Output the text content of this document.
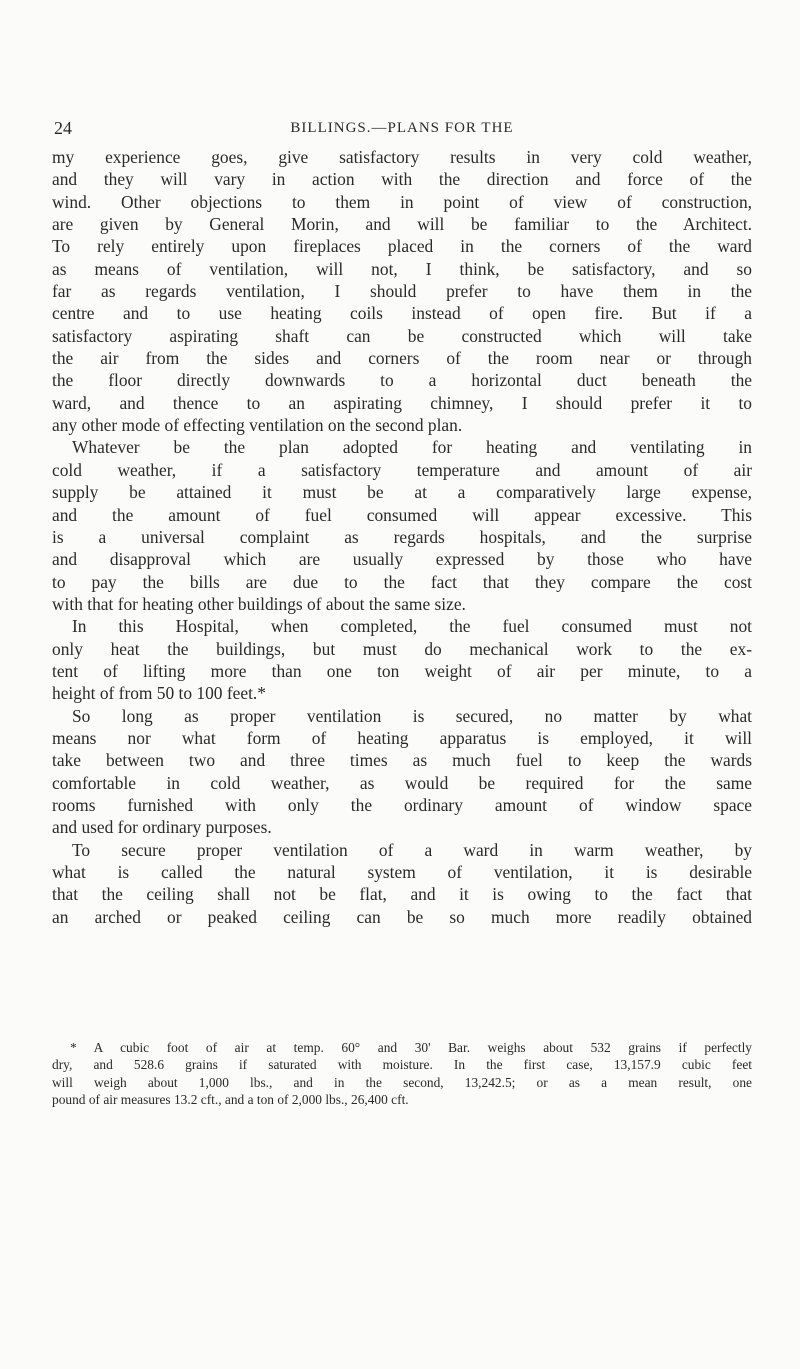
24	BILLINGS.—PLANS FOR THE
my experience goes, give satisfactory results in very cold weather,
and they will vary in action with the direction and force of the
wind. Other objections to them in point of view of construction,
are given by General Morin, and will be familiar to the Architect.
To rely entirely upon fireplaces placed in the corners of the ward
as means of ventilation, will not, I think, be satisfactory, and so
far as regards ventilation, I should prefer to have them in the
centre and to use heating coils instead of open fire. But if a
satisfactory aspirating shaft can be constructed which will take
the air from the sides and corners of the room near or through
the floor directly downwards to a horizontal duct beneath the
ward, and thence to an aspirating chimney, I should prefer it to
any other mode of effecting ventilation on the second plan.
Whatever be the plan adopted for heating and ventilating in
cold weather, if a satisfactory temperature and amount of air
supply be attained it must be at a comparatively large expense,
and the amount of fuel consumed will appear excessive. This
is a universal complaint as regards hospitals, and the surprise
and disapproval which are usually expressed by those who have
to pay the bills are due to the fact that they compare the cost
with that for heating other buildings of about the same size.
In this Hospital, when completed, the fuel consumed must not
only heat the buildings, but must do mechanical work to the ex-
tent of lifting more than one ton weight of air per minute, to a
height of from 50 to 100 feet.*
So long as proper ventilation is secured, no matter by what
means nor what form of heating apparatus is employed, it will
take between two and three times as much fuel to keep the wards
comfortable in cold weather, as would be required for the same
rooms furnished with only the ordinary amount of window space
and used for ordinary purposes.
To secure proper ventilation of a ward in warm weather, by
what is called the natural system of ventilation, it is desirable
that the ceiling shall not be flat, and it is owing to the fact that
an arched or peaked ceiling can be so much more readily obtained
* A cubic foot of air at temp. 60° and 30' Bar. weighs about 532 grains if perfectly
dry, and 528.6 grains if saturated with moisture. In the first case, 13,157.9 cubic feet
will weigh about 1,000 lbs., and in the second, 13,242.5; or as a mean result, one
pound of air measures 13.2 cft., and a ton of 2,000 lbs., 26,400 cft.
